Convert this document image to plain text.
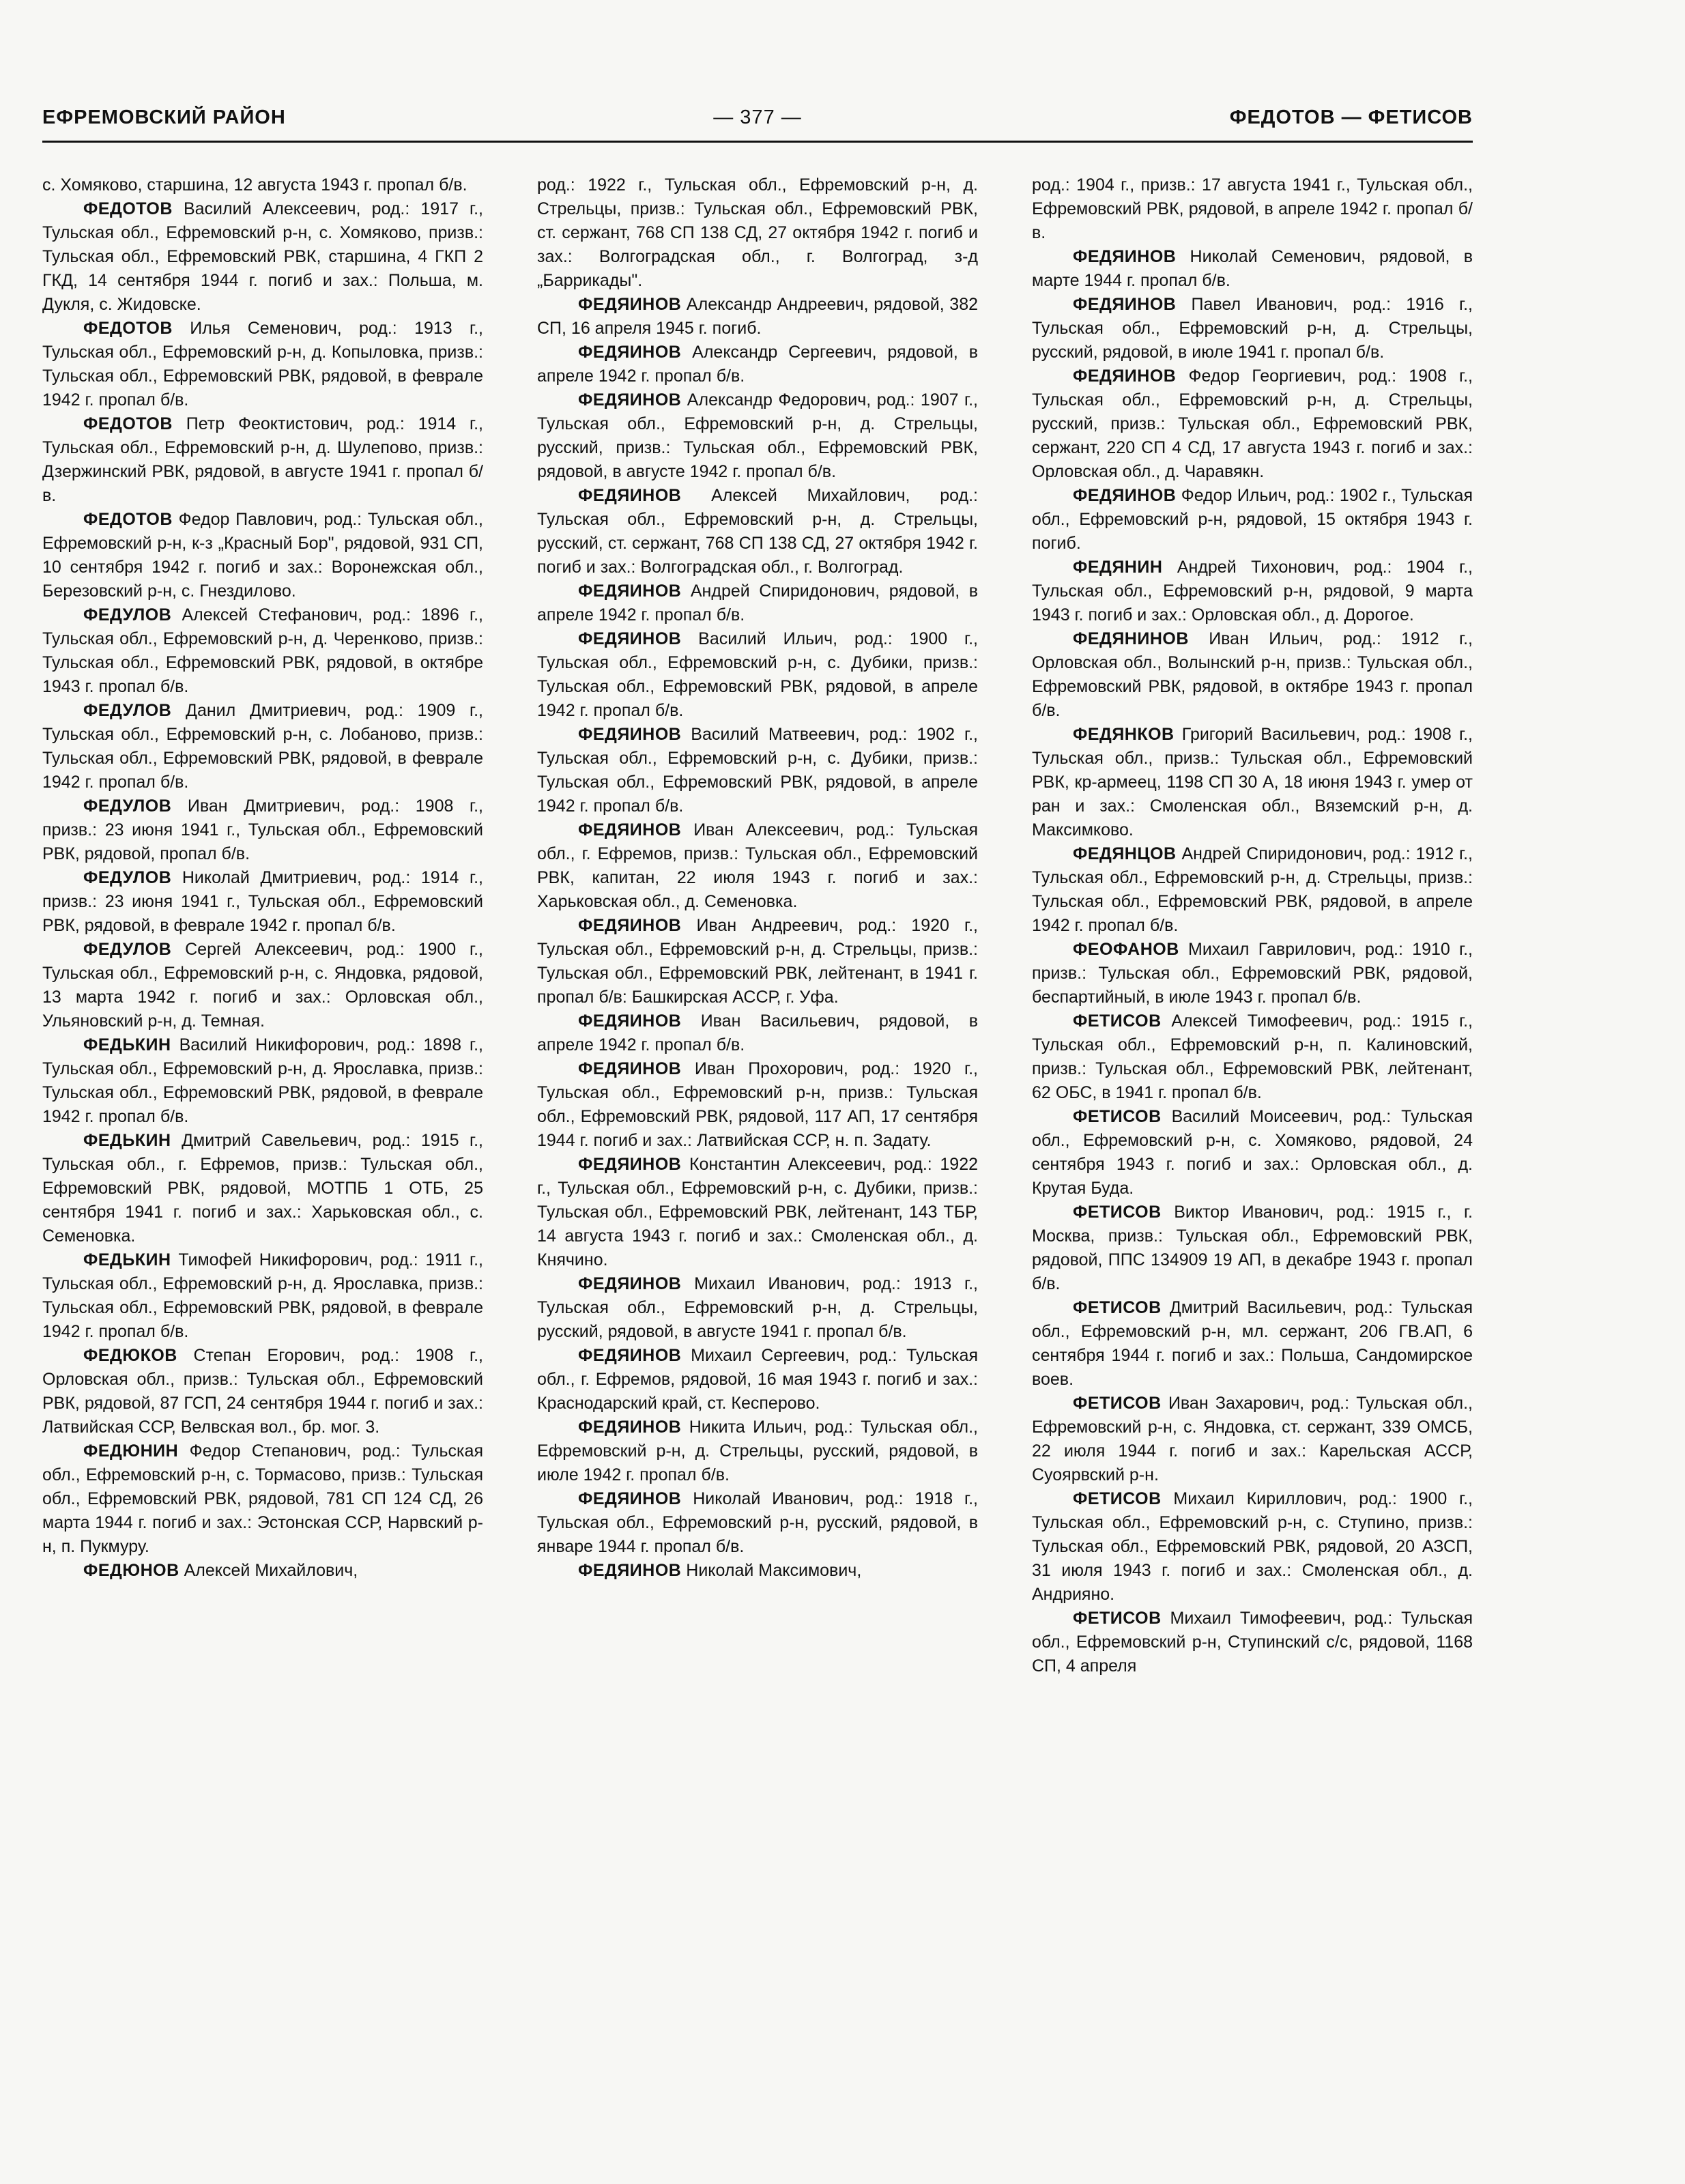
ЕФРЕМОВСКИЙ РАЙОН	— 377 —	ФЕДОТОВ — ФЕТИСОВ

с. Хомяково, старшина, 12 августа 1943 г. пропал б/в.

ФЕДОТОВ Василий Алексеевич, род.: 1917 г., Тульская обл., Ефремовский р-н, с. Хомяково, призв.: Тульская обл., Ефремовский РВК, старшина, 4 ГКП 2 ГКД, 14 сентября 1944 г. погиб и зах.: Польша, м. Дукля, с. Жидовске.

ФЕДОТОВ Илья Семенович, род.: 1913 г., Тульская обл., Ефремовский р-н, д. Копыловка, призв.: Тульская обл., Ефремовский РВК, рядовой, в феврале 1942 г. пропал б/в.

ФЕДОТОВ Петр Феоктистович, род.: 1914 г., Тульская обл., Ефремовский р-н, д. Шулепово, призв.: Дзержинский РВК, рядовой, в августе 1941 г. пропал б/в.

ФЕДОТОВ Федор Павлович, род.: Тульская обл., Ефремовский р-н, к-з „Красный Бор", рядовой, 931 СП, 10 сентября 1942 г. погиб и зах.: Воронежская обл., Березовский р-н, с. Гнездилово.

ФЕДУЛОВ Алексей Стефанович, род.: 1896 г., Тульская обл., Ефремовский р-н, д. Черенково, призв.: Тульская обл., Ефремовский РВК, рядовой, в октябре 1943 г. пропал б/в.

ФЕДУЛОВ Данил Дмитриевич, род.: 1909 г., Тульская обл., Ефремовский р-н, с. Лобаново, призв.: Тульская обл., Ефремовский РВК, рядовой, в феврале 1942 г. пропал б/в.

ФЕДУЛОВ Иван Дмитриевич, род.: 1908 г., призв.: 23 июня 1941 г., Тульская обл., Ефремовский РВК, рядовой, пропал б/в.

ФЕДУЛОВ Николай Дмитриевич, род.: 1914 г., призв.: 23 июня 1941 г., Тульская обл., Ефремовский РВК, рядовой, в феврале 1942 г. пропал б/в.

ФЕДУЛОВ Сергей Алексеевич, род.: 1900 г., Тульская обл., Ефремовский р-н, с. Яндовка, рядовой, 13 марта 1942 г. погиб и зах.: Орловская обл., Ульяновский р-н, д. Темная.

ФЕДЬКИН Василий Никифорович, род.: 1898 г., Тульская обл., Ефремовский р-н, д. Ярославка, призв.: Тульская обл., Ефремовский РВК, рядовой, в феврале 1942 г. пропал б/в.

ФЕДЬКИН Дмитрий Савельевич, род.: 1915 г., Тульская обл., г. Ефремов, призв.: Тульская обл., Ефремовский РВК, рядовой, МОТПБ 1 ОТБ, 25 сентября 1941 г. погиб и зах.: Харьковская обл., с. Семеновка.

ФЕДЬКИН Тимофей Никифорович, род.: 1911 г., Тульская обл., Ефремовский р-н, д. Ярославка, призв.: Тульская обл., Ефремовский РВК, рядовой, в феврале 1942 г. пропал б/в.

ФЕДЮКОВ Степан Егорович, род.: 1908 г., Орловская обл., призв.: Тульская обл., Ефремовский РВК, рядовой, 87 ГСП, 24 сентября 1944 г. погиб и зах.: Латвийская ССР, Велвская вол., бр. мог. 3.

ФЕДЮНИН Федор Степанович, род.: Тульская обл., Ефремовский р-н, с. Тормасово, призв.: Тульская обл., Ефремовский РВК, рядовой, 781 СП 124 СД, 26 марта 1944 г. погиб и зах.: Эстонская ССР, Нарвский р-н, п. Пукмуру.

ФЕДЮНОВ Алексей Михайлович,

род.: 1922 г., Тульская обл., Ефремовский р-н, д. Стрельцы, призв.: Тульская обл., Ефремовский РВК, ст. сержант, 768 СП 138 СД, 27 октября 1942 г. погиб и зах.: Волгоградская обл., г. Волгоград, з-д „Баррикады".

ФЕДЯИНОВ Александр Андреевич, рядовой, 382 СП, 16 апреля 1945 г. погиб.

ФЕДЯИНОВ Александр Сергеевич, рядовой, в апреле 1942 г. пропал б/в.

ФЕДЯИНОВ Александр Федорович, род.: 1907 г., Тульская обл., Ефремовский р-н, д. Стрельцы, русский, призв.: Тульская обл., Ефремовский РВК, рядовой, в августе 1942 г. пропал б/в.

ФЕДЯИНОВ Алексей Михайлович, род.: Тульская обл., Ефремовский р-н, д. Стрельцы, русский, ст. сержант, 768 СП 138 СД, 27 октября 1942 г. погиб и зах.: Волгоградская обл., г. Волгоград.

ФЕДЯИНОВ Андрей Спиридонович, рядовой, в апреле 1942 г. пропал б/в.

ФЕДЯИНОВ Василий Ильич, род.: 1900 г., Тульская обл., Ефремовский р-н, с. Дубики, призв.: Тульская обл., Ефремовский РВК, рядовой, в апреле 1942 г. пропал б/в.

ФЕДЯИНОВ Василий Матвеевич, род.: 1902 г., Тульская обл., Ефремовский р-н, с. Дубики, призв.: Тульская обл., Ефремовский РВК, рядовой, в апреле 1942 г. пропал б/в.

ФЕДЯИНОВ Иван Алексеевич, род.: Тульская обл., г. Ефремов, призв.: Тульская обл., Ефремовский РВК, капитан, 22 июля 1943 г. погиб и зах.: Харьковская обл., д. Семеновка.

ФЕДЯИНОВ Иван Андреевич, род.: 1920 г., Тульская обл., Ефремовский р-н, д. Стрельцы, призв.: Тульская обл., Ефремовский РВК, лейтенант, в 1941 г. пропал б/в: Башкирская АССР, г. Уфа.

ФЕДЯИНОВ Иван Васильевич, рядовой, в апреле 1942 г. пропал б/в.

ФЕДЯИНОВ Иван Прохорович, род.: 1920 г., Тульская обл., Ефремовский р-н, призв.: Тульская обл., Ефремовский РВК, рядовой, 117 АП, 17 сентября 1944 г. погиб и зах.: Латвийская ССР, н. п. Задату.

ФЕДЯИНОВ Константин Алексеевич, род.: 1922 г., Тульская обл., Ефремовский р-н, с. Дубики, призв.: Тульская обл., Ефремовский РВК, лейтенант, 143 ТБР, 14 августа 1943 г. погиб и зах.: Смоленская обл., д. Княчино.

ФЕДЯИНОВ Михаил Иванович, род.: 1913 г., Тульская обл., Ефремовский р-н, д. Стрельцы, русский, рядовой, в августе 1941 г. пропал б/в.

ФЕДЯИНОВ Михаил Сергеевич, род.: Тульская обл., г. Ефремов, рядовой, 16 мая 1943 г. погиб и зах.: Краснодарский край, ст. Кесперово.

ФЕДЯИНОВ Никита Ильич, род.: Тульская обл., Ефремовский р-н, д. Стрельцы, русский, рядовой, в июле 1942 г. пропал б/в.

ФЕДЯИНОВ Николай Иванович, род.: 1918 г., Тульская обл., Ефремовский р-н, русский, рядовой, в январе 1944 г. пропал б/в.

ФЕДЯИНОВ Николай Максимович,

род.: 1904 г., призв.: 17 августа 1941 г., Тульская обл., Ефремовский РВК, рядовой, в апреле 1942 г. пропал б/в.

ФЕДЯИНОВ Николай Семенович, рядовой, в марте 1944 г. пропал б/в.

ФЕДЯИНОВ Павел Иванович, род.: 1916 г., Тульская обл., Ефремовский р-н, д. Стрельцы, русский, рядовой, в июле 1941 г. пропал б/в.

ФЕДЯИНОВ Федор Георгиевич, род.: 1908 г., Тульская обл., Ефремовский р-н, д. Стрельцы, русский, призв.: Тульская обл., Ефремовский РВК, сержант, 220 СП 4 СД, 17 августа 1943 г. погиб и зах.: Орловская обл., д. Чаравякн.

ФЕДЯИНОВ Федор Ильич, род.: 1902 г., Тульская обл., Ефремовский р-н, рядовой, 15 октября 1943 г. погиб.

ФЕДЯНИН Андрей Тихонович, род.: 1904 г., Тульская обл., Ефремовский р-н, рядовой, 9 марта 1943 г. погиб и зах.: Орловская обл., д. Дорогое.

ФЕДЯНИНОВ Иван Ильич, род.: 1912 г., Орловская обл., Волынский р-н, призв.: Тульская обл., Ефремовский РВК, рядовой, в октябре 1943 г. пропал б/в.

ФЕДЯНКОВ Григорий Васильевич, род.: 1908 г., Тульская обл., призв.: Тульская обл., Ефремовский РВК, кр-армеец, 1198 СП 30 А, 18 июня 1943 г. умер от ран и зах.: Смоленская обл., Вяземский р-н, д. Максимково.

ФЕДЯНЦОВ Андрей Спиридонович, род.: 1912 г., Тульская обл., Ефремовский р-н, д. Стрельцы, призв.: Тульская обл., Ефремовский РВК, рядовой, в апреле 1942 г. пропал б/в.

ФЕОФАНОВ Михаил Гаврилович, род.: 1910 г., призв.: Тульская обл., Ефремовский РВК, рядовой, беспартийный, в июле 1943 г. пропал б/в.

ФЕТИСОВ Алексей Тимофеевич, род.: 1915 г., Тульская обл., Ефремовский р-н, п. Калиновский, призв.: Тульская обл., Ефремовский РВК, лейтенант, 62 ОБС, в 1941 г. пропал б/в.

ФЕТИСОВ Василий Моисеевич, род.: Тульская обл., Ефремовский р-н, с. Хомяково, рядовой, 24 сентября 1943 г. погиб и зах.: Орловская обл., д. Крутая Буда.

ФЕТИСОВ Виктор Иванович, род.: 1915 г., г. Москва, призв.: Тульская обл., Ефремовский РВК, рядовой, ППС 134909 19 АП, в декабре 1943 г. пропал б/в.

ФЕТИСОВ Дмитрий Васильевич, род.: Тульская обл., Ефремовский р-н, мл. сержант, 206 ГВ.АП, 6 сентября 1944 г. погиб и зах.: Польша, Сандомирское воев.

ФЕТИСОВ Иван Захарович, род.: Тульская обл., Ефремовский р-н, с. Яндовка, ст. сержант, 339 ОМСБ, 22 июля 1944 г. погиб и зах.: Карельская АССР, Суоярвский р-н.

ФЕТИСОВ Михаил Кириллович, род.: 1900 г., Тульская обл., Ефремовский р-н, с. Ступино, призв.: Тульская обл., Ефремовский РВК, рядовой, 20 АЗСП, 31 июля 1943 г. погиб и зах.: Смоленская обл., д. Андрияно.

ФЕТИСОВ Михаил Тимофеевич, род.: Тульская обл., Ефремовский р-н, Ступинский с/с, рядовой, 1168 СП, 4 апреля
